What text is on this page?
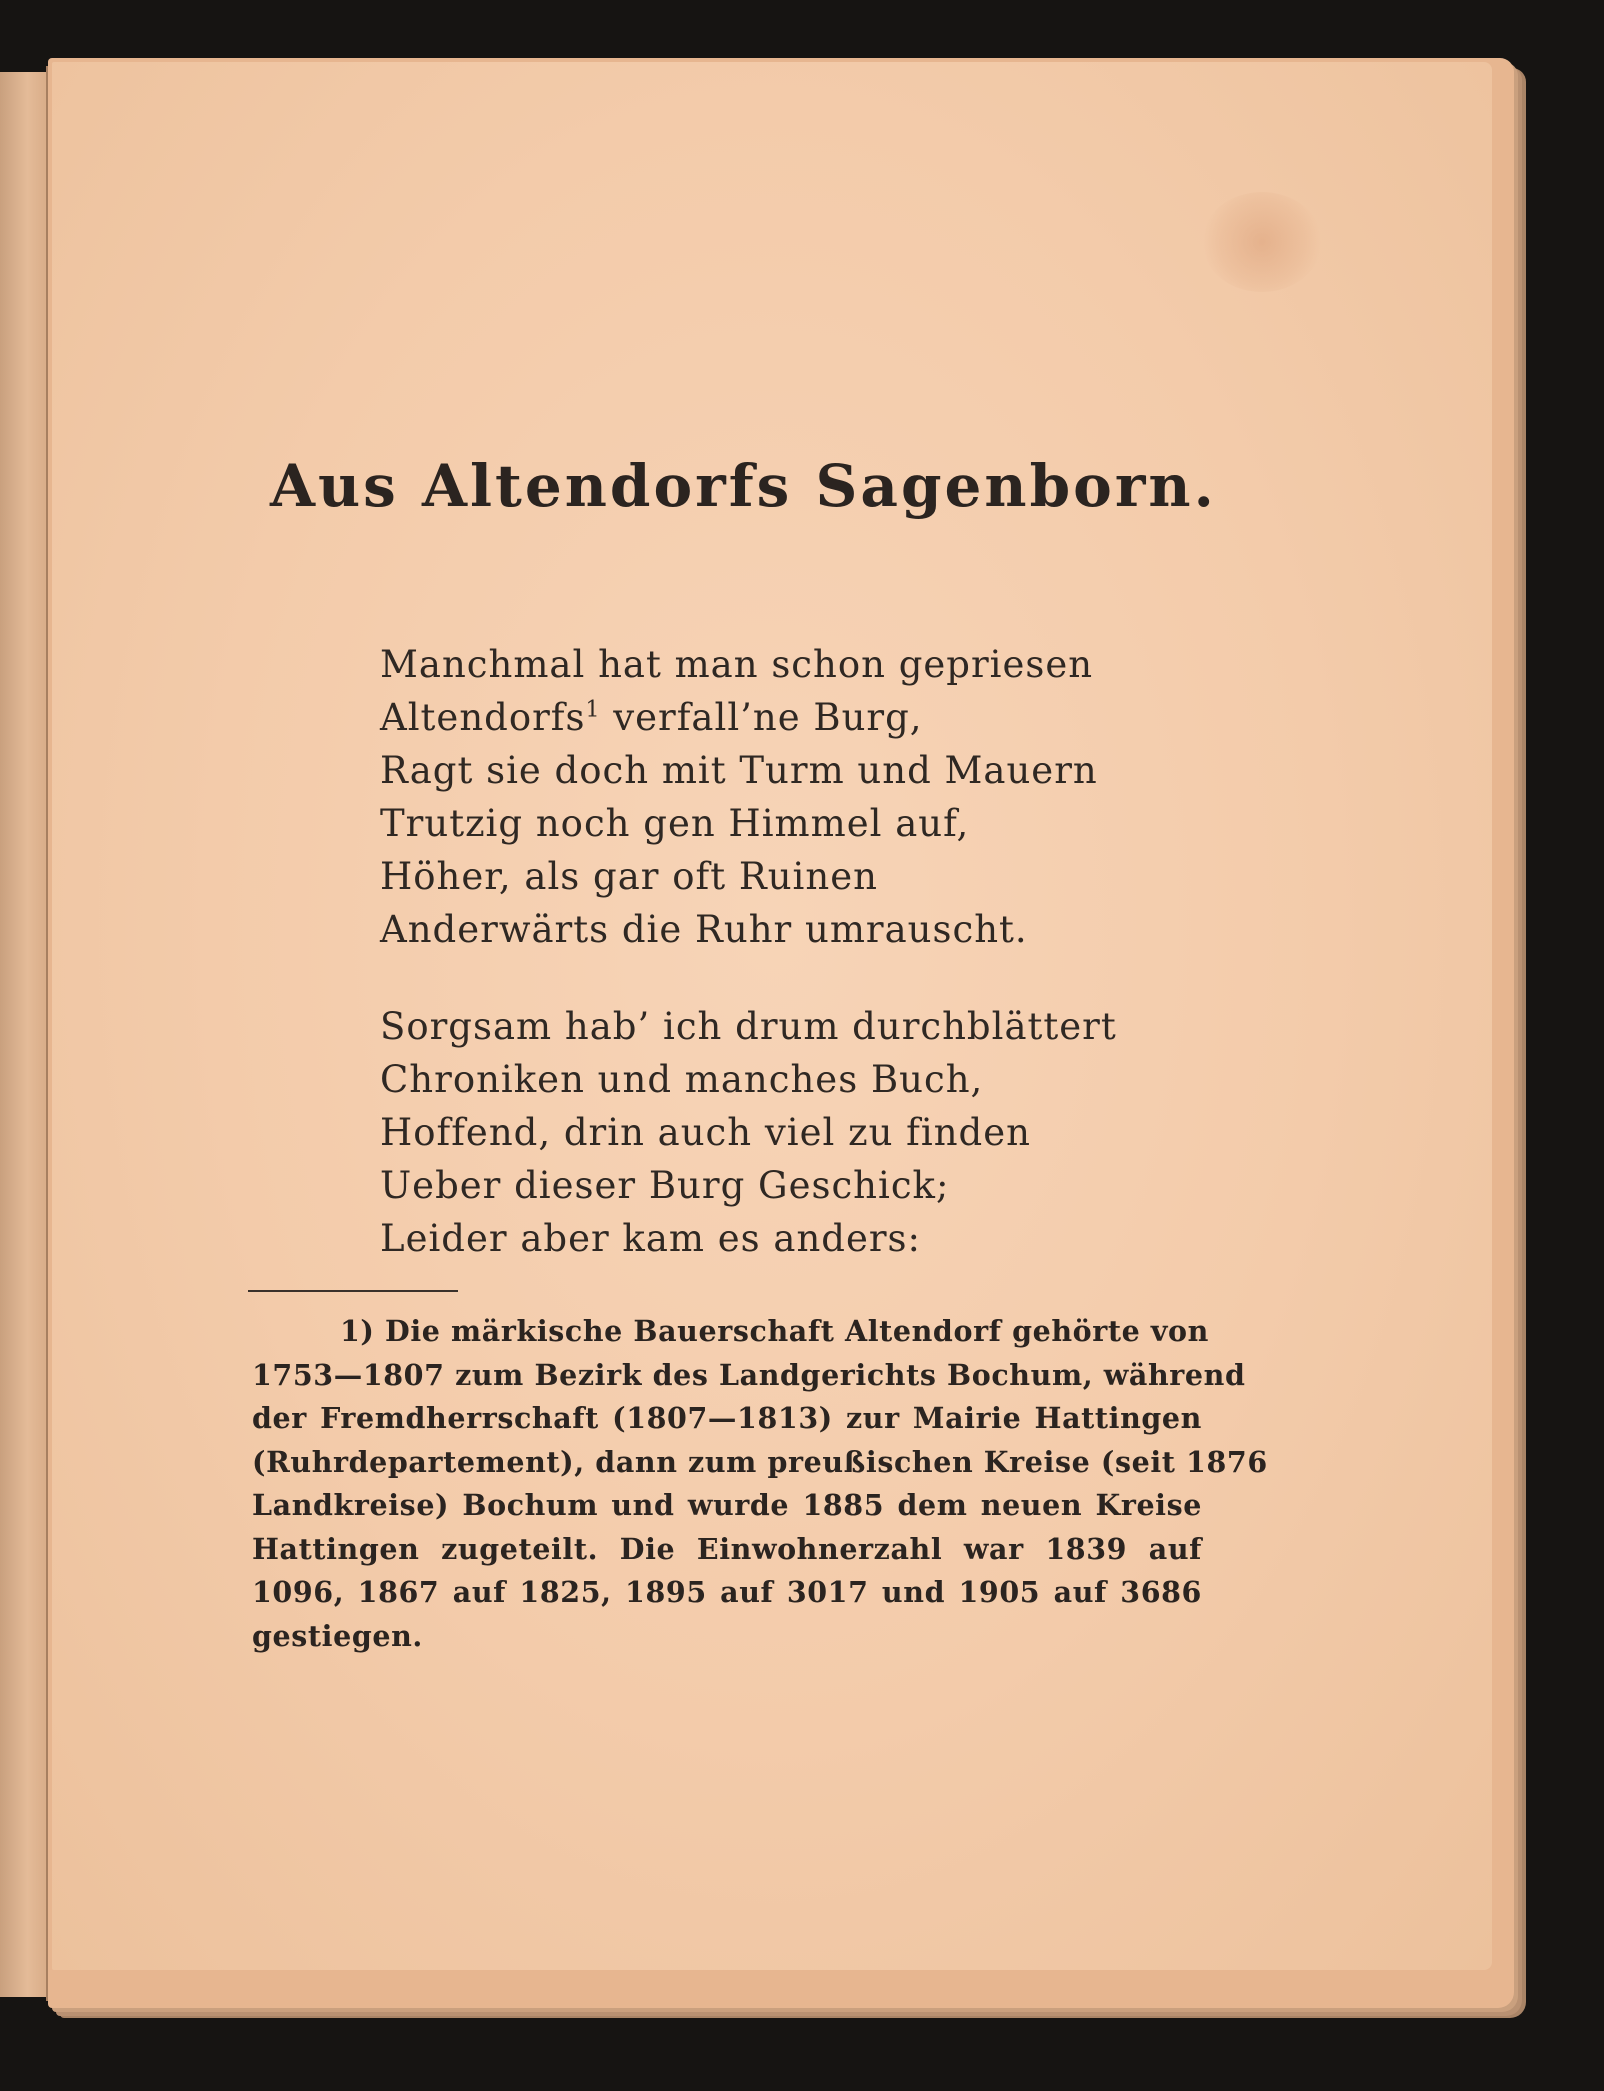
Aus Altendorfs Sagenborn.
Manchmal hat man schon gepriesen
Altendorfs$^1$ verfall’ne Burg,
Ragt sie doch mit Turm und Mauern
Trutzig noch gen Himmel auf,
Höher, als gar oft Ruinen
Anderwärts die Ruhr umrauscht.
Sorgsam hab’ ich drum durchblättert
Chroniken und manches Buch,
Hoffend, drin auch viel zu finden
Ueber dieser Burg Geschick;
Leider aber kam es anders:
1) Die märkische Bauerschaft Altendorf gehörte von
1753—1807 zum Bezirk des Landgerichts Bochum, während
der Fremdherrschaft (1807—1813) zur Mairie Hattingen
(Ruhrdepartement), dann zum preußischen Kreise (seit 1876
Landkreise) Bochum und wurde 1885 dem neuen Kreise
Hattingen zugeteilt. Die Einwohnerzahl war 1839 auf
1096, 1867 auf 1825, 1895 auf 3017 und 1905 auf 3686
gestiegen.
